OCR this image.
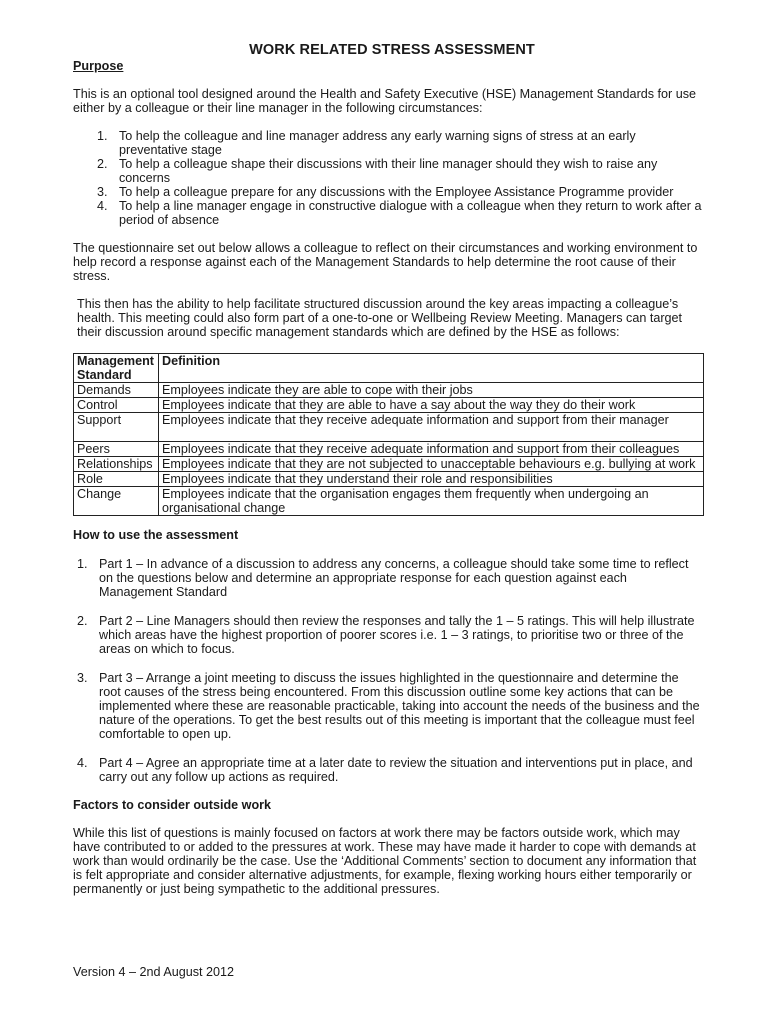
WORK RELATED STRESS ASSESSMENT

Purpose

This is an optional tool designed around the Health and Safety Executive (HSE) Management Standards for use either by a colleague or their line manager in the following circumstances:

1. To help the colleague and line manager address any early warning signs of stress at an early preventative stage
2. To help a colleague shape their discussions with their line manager should they wish to raise any concerns
3. To help a colleague prepare for any discussions with the Employee Assistance Programme provider
4. To help a line manager engage in constructive dialogue with a colleague when they return to work after a period of absence

The questionnaire set out below allows a colleague to reflect on their circumstances and working environment to help record a response against each of the Management Standards to help determine the root cause of their stress.

This then has the ability to help facilitate structured discussion around the key areas impacting a colleague’s health. This meeting could also form part of a one-to-one or Wellbeing Review Meeting. Managers can target their discussion around specific management standards which are defined by the HSE as follows:

Management Standard	Definition
Demands	Employees indicate they are able to cope with their jobs
Control	Employees indicate that they are able to have a say about the way they do their work
Support	Employees indicate that they receive adequate information and support from their manager
Peers	Employees indicate that they receive adequate information and support from their colleagues
Relationships	Employees indicate that they are not subjected to unacceptable behaviours e.g. bullying at work
Role	Employees indicate that they understand their role and responsibilities
Change	Employees indicate that the organisation engages them frequently when undergoing an organisational change

How to use the assessment

1. Part 1 – In advance of a discussion to address any concerns, a colleague should take some time to reflect on the questions below and determine an appropriate response for each question against each Management Standard
2. Part 2 – Line Managers should then review the responses and tally the 1 – 5 ratings. This will help illustrate which areas have the highest proportion of poorer scores i.e. 1 – 3 ratings, to prioritise two or three of the areas on which to focus.
3. Part 3 – Arrange a joint meeting to discuss the issues highlighted in the questionnaire and determine the root causes of the stress being encountered. From this discussion outline some key actions that can be implemented where these are reasonable practicable, taking into account the needs of the business and the nature of the operations. To get the best results out of this meeting is important that the colleague must feel comfortable to open up.
4. Part 4 – Agree an appropriate time at a later date to review the situation and interventions put in place, and carry out any follow up actions as required.

Factors to consider outside work

While this list of questions is mainly focused on factors at work there may be factors outside work, which may have contributed to or added to the pressures at work. These may have made it harder to cope with demands at work than would ordinarily be the case. Use the ‘Additional Comments’ section to document any information that is felt appropriate and consider alternative adjustments, for example, flexing working hours either temporarily or permanently or just being sympathetic to the additional pressures.

Version 4 – 2nd August 2012
